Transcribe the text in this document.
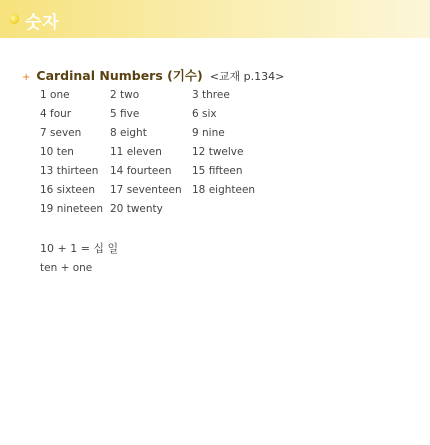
숫자
+ Cardinal Numbers (기수) <교재 p.134>
1 one	2 two	3 three
4 four	5 five	6 six
7 seven	8 eight	9 nine
10 ten	11 eleven	12 twelve
13 thirteen 14 fourteen 15 fifteen
16 sixteen 17 seventeen 18 eighteen
19 nineteen 20 twenty
10 + 1 = 십 일
ten + one
